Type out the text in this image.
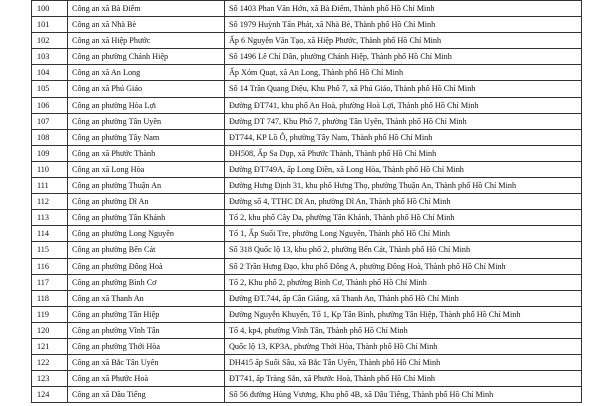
100	Công an xã Bà Điểm	Số 1403 Phan Văn Hớn, xã Bà Điểm, Thành phố Hồ Chí Minh
101	Công an xã Nhà Bè	Số 1979 Huỳnh Tấn Phát, xã Nhà Bè, Thành phố Hồ Chí Minh
102	Công an xã Hiệp Phước	Ấp 6 Nguyễn Văn Tạo, xã Hiệp Phước, Thành phố Hồ Chí Minh
103	Công an phường Chánh Hiệp	Số 1496 Lê Chí Dân, phường Chánh Hiệp, Thành phố Hồ Chí Minh
104	Công an xã An Long	Ấp Xóm Quạt, xã An Long, Thành phố Hồ Chí Minh
105	Công an xã Phú Giáo	Số 14 Trần Quang Diệu, Khu Phố 7, xã Phú Giáo, Thành phố Hồ Chí Minh
106	Công an phường Hòa Lợi	Đường ĐT741, khu phố An Hoà, phường Hoà Lợi, Thành phố Hồ Chí Minh
107	Công an phường Tân Uyên	Đường DT 747, Khu Phố 7, phường Tân Uyên, Thành phố Hồ Chí Minh
108	Công an phường Tây Nam	ĐT744, KP Lồ Ô, phường Tây Nam, Thành phố Hồ Chí Minh
109	Công an xã Phước Thành	ĐH508, Ấp Sa Dụp, xã Phước Thành, Thành phố Hồ Chí Minh
110	Công an xã Long Hòa	Đường ĐT749A, ấp Long Điền, xã Long Hòa, Thành phố Hồ Chí Minh
111	Công an phường Thuận An	Đường Hưng Định 31, khu phố Hưng Thọ, phường Thuận An, Thành phố Hồ Chí Minh
112	Công an phường Dĩ An	Đường số 4, TTHC Dĩ An, phường Dĩ An, Thành phố Hồ Chí Minh
113	Công an phường Tân Khánh	Tổ 2, khu phố Cây Da, phường Tân Khánh, Thành phố Hồ Chí Minh
114	Công an phường Long Nguyên	Tổ 1, Ấp Suối Tre, phường Long Nguyên, Thành phố Hồ Chí Minh
115	Công an phường Bến Cát	Số 318 Quốc lộ 13, khu phố 2, phường Bến Cát, Thành phố Hồ Chí Minh
116	Công an phường Đông Hoà	Số 2 Trần Hưng Đạo, khu phố Đông A, phường Đông Hoà, Thành phố Hồ Chí Minh
117	Công an phường Bình Cơ	Tổ 2, Khu phố 2, phường Bình Cơ, Thành phố Hồ Chí Minh
118	Công an xã Thanh An	Đường ĐT.744, ấp Cần Giăng, xã Thanh An, Thành phố Hồ Chí Minh
119	Công an phường Tân Hiệp	Đường Nguyễn Khuyến, Tổ 1, Kp Tân Bình, phường Tân Hiệp, Thành phố Hồ Chí Minh
120	Công an phường Vĩnh Tân	Tổ 4, kp4, phường Vĩnh Tân, Thành phố Hồ Chí Minh
121	Công an phường Thới Hòa	Quốc lộ 13, KP3A, phường Thới Hòa, Thành phố Hồ Chí Minh
122	Công an xã Bắc Tân Uyên	DH415 ấp Suối Sâu, xã Bắc Tân Uyên, Thành phố Hồ Chí Minh
123	Công an xã Phước Hoà	ĐT741, ấp Tràng Sắn, xã Phước Hoà, Thành phố Hồ Chí Minh
124	Công an xã Dầu Tiếng	Số 56 đường Hùng Vương, Khu phố 4B, xã Dầu Tiếng, Thành phố Hồ Chí Minh
